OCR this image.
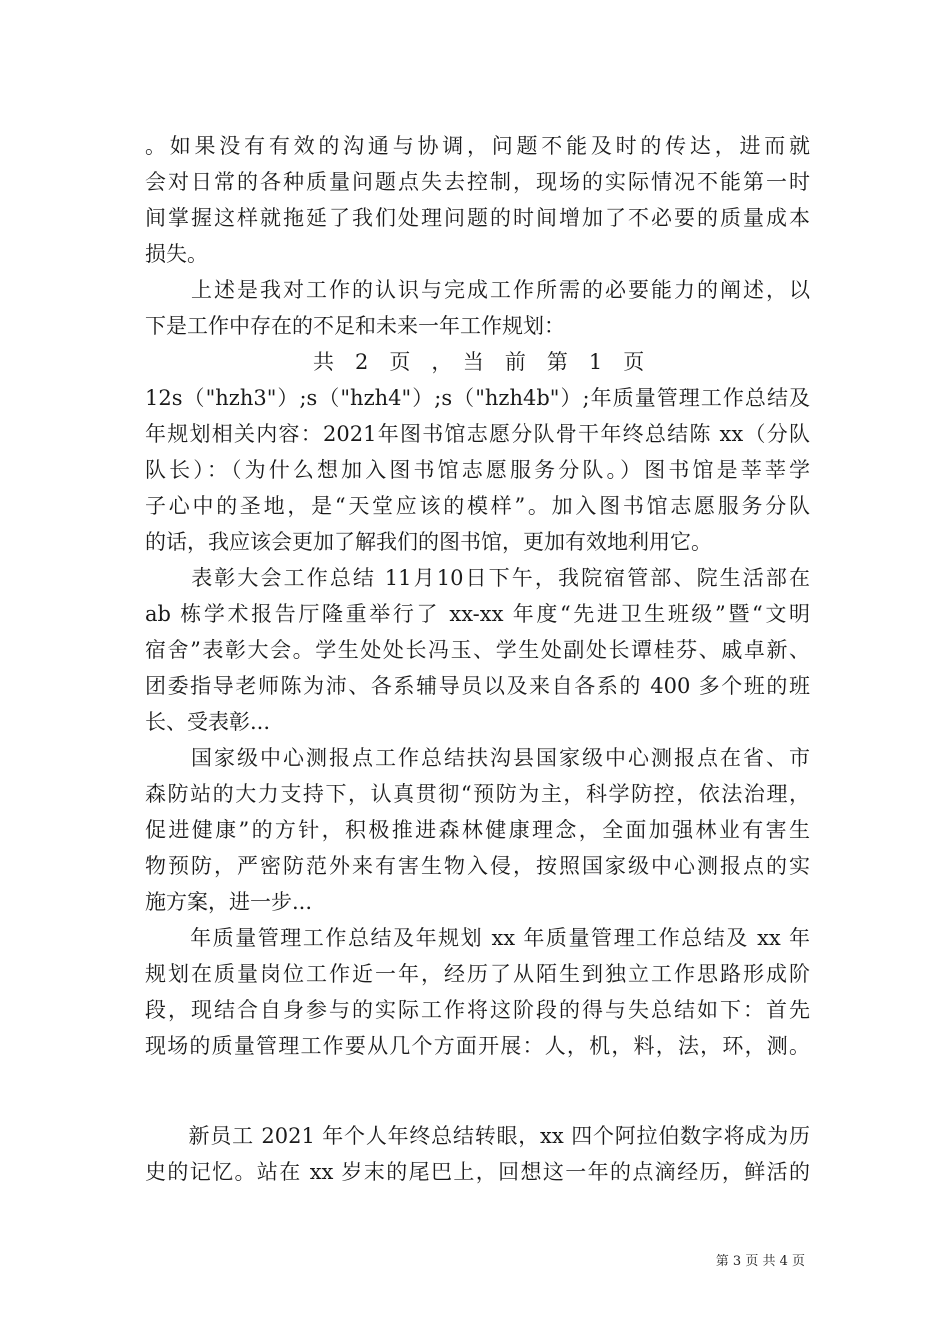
。如果没有有效的沟通与协调，问题不能及时的传达，进而就
会对日常的各种质量问题点失去控制，现场的实际情况不能第一时
间掌握这样就拖延了我们处理问题的时间增加了不必要的质量成本
损失。
　　上述是我对工作的认识与完成工作所需的必要能力的阐述，以
下是工作中存在的不足和未来一年工作规划：
　　　　　　　　共　2　页　，　当　前　第　1　页
12s（"hzh3"）;s（"hzh4"）;s（"hzh4b"）;年质量管理工作总结及
年规划相关内容：2021年图书馆志愿分队骨干年终总结陈 xx（分队
队长）：（为什么想加入图书馆志愿服务分队。）图书馆是莘莘学
子心中的圣地，是“天堂应该的模样”。加入图书馆志愿服务分队
的话，我应该会更加了解我们的图书馆，更加有效地利用它。
　　表彰大会工作总结 11月10日下午，我院宿管部、院生活部在
ab 栋学术报告厅隆重举行了 xx-xx 年度“先进卫生班级”暨“文明
宿舍”表彰大会。学生处处长冯玉、学生处副处长谭桂芬、戚卓新、
团委指导老师陈为沛、各系辅导员以及来自各系的 400 多个班的班
长、受表彰...
　　国家级中心测报点工作总结扶沟县国家级中心测报点在省、市
森防站的大力支持下，认真贯彻“预防为主，科学防控，依法治理，
促进健康”的方针，积极推进森林健康理念，全面加强林业有害生
物预防，严密防范外来有害生物入侵，按照国家级中心测报点的实
施方案，进一步...
　　年质量管理工作总结及年规划 xx 年质量管理工作总结及 xx 年
规划在质量岗位工作近一年，经历了从陌生到独立工作思路形成阶
段，现结合自身参与的实际工作将这阶段的得与失总结如下：首先
现场的质量管理工作要从几个方面开展：人，机，料，法，环，测。
　　新员工 2021 年个人年终总结转眼，xx 四个阿拉伯数字将成为历
史的记忆。站在 xx 岁末的尾巴上，回想这一年的点滴经历，鲜活的
第 3 页 共 4 页
